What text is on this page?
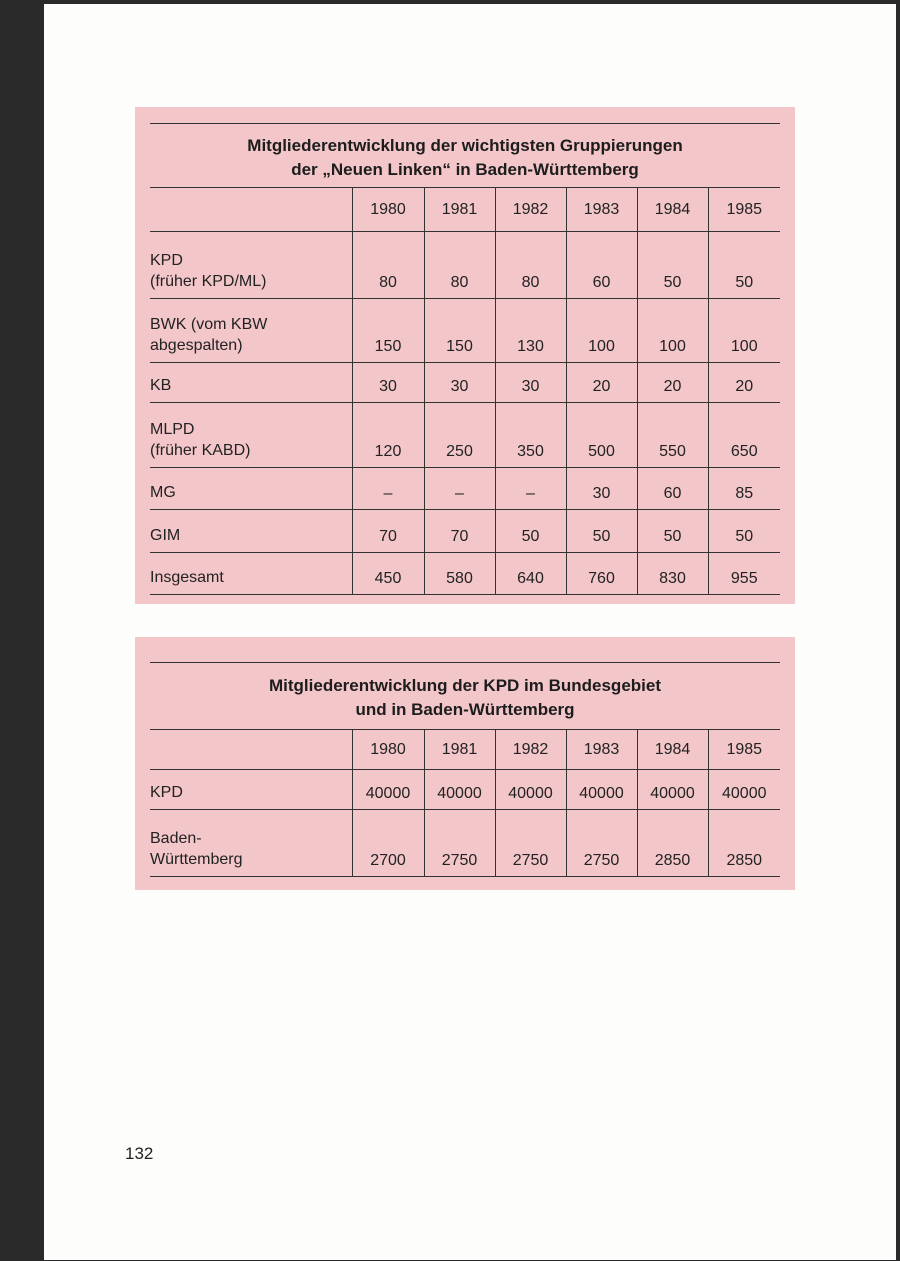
Mitgliederentwicklung der wichtigsten Gruppierungen
der „Neuen Linken“ in Baden-Württemberg
	1980	1981	1982	1983	1984	1985
KPD
(früher KPD/ML)	80	80	80	60	50	50
BWK (vom KBW
abgespalten)	150	150	130	100	100	100
KB	30	30	30	20	20	20
MLPD
(früher KABD)	120	250	350	500	550	650
MG	–	–	–	30	60	85
GIM	70	70	50	50	50	50
Insgesamt	450	580	640	760	830	955
Mitgliederentwicklung der KPD im Bundesgebiet
und in Baden-Württemberg
	1980	1981	1982	1983	1984	1985
KPD	40000	40000	40000	40000	40000	40000
Baden-
Württemberg	2700	2750	2750	2750	2850	2850
132
